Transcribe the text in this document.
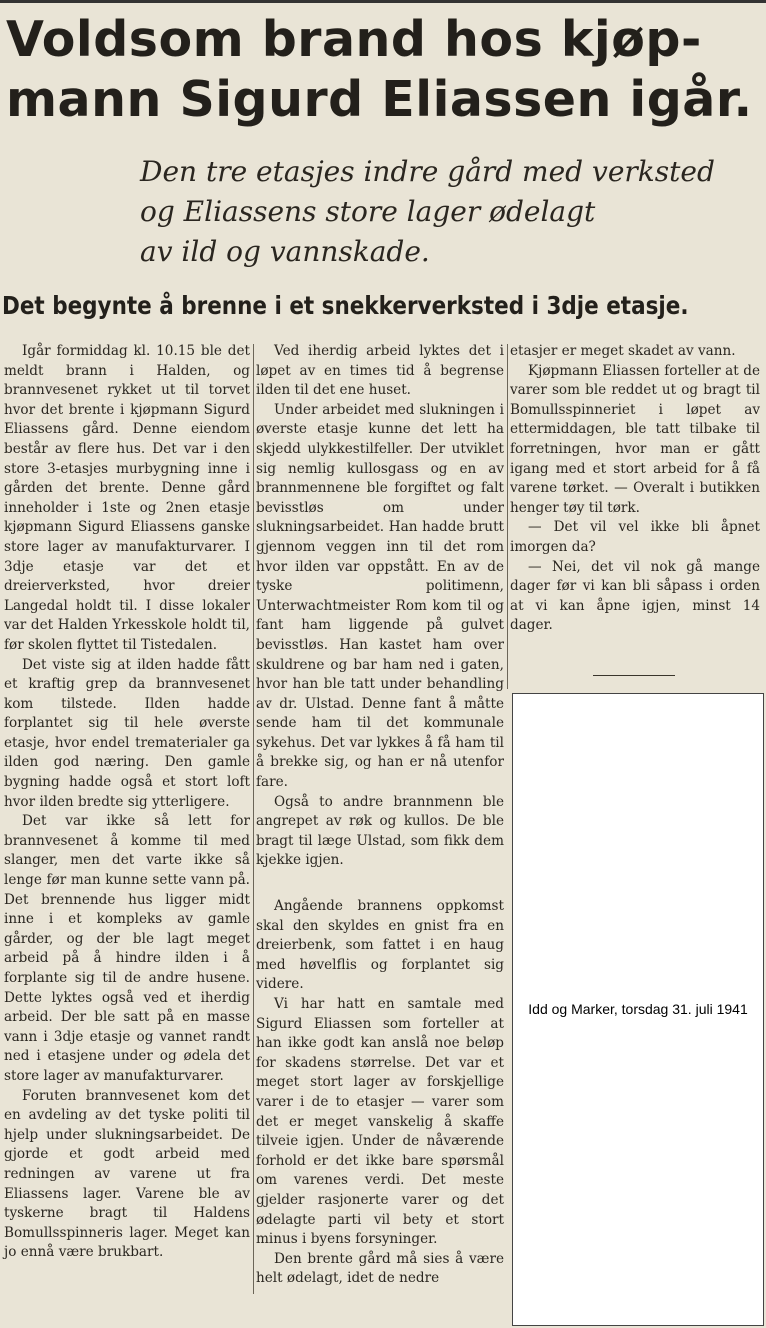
Voldsom brand hos kjøp-
mann Sigurd Eliassen igår.
Den tre etasjes indre gård med verksted
og Eliassens store lager ødelagt
av ild og vannskade.
Det begynte å brenne i et snekkerverksted i 3dje etasje.

Igår formiddag kl. 10.15 ble det meldt brann i Halden, og brannvesenet rykket ut til torvet hvor det brente i kjøpmann Sigurd Eliassens gård. Denne eiendom består av flere hus. Det var i den store 3-etasjes murbygning inne i gården det brente. Denne gård inneholder i 1ste og 2nen etasje kjøpmann Sigurd Eliassens ganske store lager av manufakturvarer. I 3dje etasje var det et dreierverksted, hvor dreier Langedal holdt til. I disse lokaler var det Halden Yrkesskole holdt til, før skolen flyttet til Tistedalen.

Det viste sig at ilden hadde fått et kraftig grep da brannvesenet kom tilstede. Ilden hadde forplantet sig til hele øverste etasje, hvor endel trematerialer ga ilden god næring. Den gamle bygning hadde også et stort loft hvor ilden bredte sig ytterligere.

Det var ikke så lett for brannvesenet å komme til med slanger, men det varte ikke så lenge før man kunne sette vann på. Det brennende hus ligger midt inne i et kompleks av gamle gårder, og der ble lagt meget arbeid på å hindre ilden i å forplante sig til de andre husene. Dette lyktes også ved et iherdig arbeid. Der ble satt på en masse vann i 3dje etasje og vannet randt ned i etasjene under og ødela det store lager av manufakturvarer.

Foruten brannvesenet kom det en avdeling av det tyske politi til hjelp under slukningsarbeidet. De gjorde et godt arbeid med redningen av varene ut fra Eliassens lager. Varene ble av tyskerne bragt til Haldens Bomullsspinneris lager. Meget kan jo ennå være brukbart.

Ved iherdig arbeid lyktes det i løpet av en times tid å begrense ilden til det ene huset.

Under arbeidet med slukningen i øverste etasje kunne det lett ha skjedd ulykkestilfeller. Der utviklet sig nemlig kullosgass og en av brannmennene ble forgiftet og falt bevisstløs om under slukningsarbeidet. Han hadde brutt gjennom veggen inn til det rom hvor ilden var oppstått. En av de tyske politimenn, Unterwachtmeister Rom kom til og fant ham liggende på gulvet bevisstløs. Han kastet ham over skuldrene og bar ham ned i gaten, hvor han ble tatt under behandling av dr. Ulstad. Denne fant å måtte sende ham til det kommunale sykehus. Det var lykkes å få ham til å brekke sig, og han er nå utenfor fare.

Også to andre brannmenn ble angrepet av røk og kullos. De ble bragt til læge Ulstad, som fikk dem kjekke igjen.

Angående brannens oppkomst skal den skyldes en gnist fra en dreierbenk, som fattet i en haug med høvelflis og forplantet sig videre.

Vi har hatt en samtale med Sigurd Eliassen som forteller at han ikke godt kan anslå noe beløp for skadens størrelse. Det var et meget stort lager av forskjellige varer i de to etasjer — varer som det er meget vanskelig å skaffe tilveie igjen. Under de nåværende forhold er det ikke bare spørsmål om varenes verdi. Det meste gjelder rasjonerte varer og det ødelagte parti vil bety et stort minus i byens forsyninger.

Den brente gård må sies å være helt ødelagt, idet de nedre

etasjer er meget skadet av vann.

Kjøpmann Eliassen forteller at de varer som ble reddet ut og bragt til Bomullsspinneriet i løpet av ettermiddagen, ble tatt tilbake til forretningen, hvor man er gått igang med et stort arbeid for å få varene tørket. — Overalt i butikken henger tøy til tørk.

— Det vil vel ikke bli åpnet imorgen da?

— Nei, det vil nok gå mange dager før vi kan bli såpass i orden at vi kan åpne igjen, minst 14 dager.

Idd og Marker, torsdag 31. juli 1941
